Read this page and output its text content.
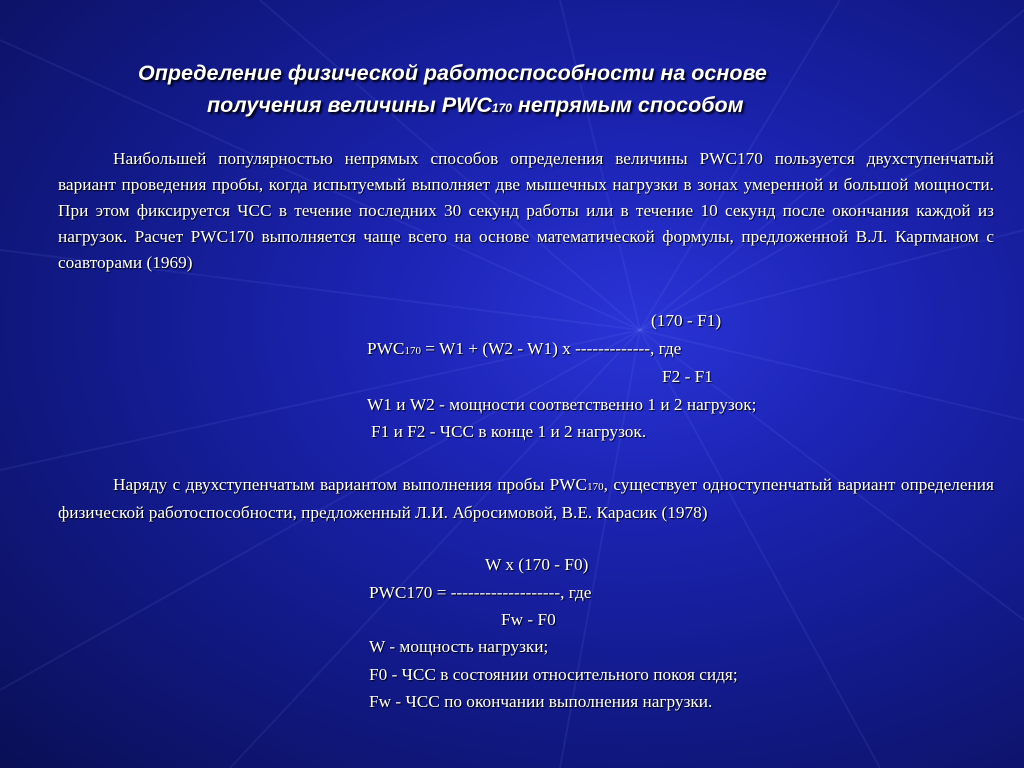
Определение физической работоспособности на основе
получения величины PWC170 непрямым способом
Наибольшей популярностью непрямых способов определения величины PWC170 пользуется двухступенчатый вариант проведения пробы, когда испытуемый выполняет две мышечных нагрузки в зонах умеренной и большой мощности. При этом фиксируется ЧСС в течение последних 30 секунд работы или в течение 10 секунд после окончания каждой из нагрузок. Расчет PWC170 выполняется чаще всего на основе математической формулы, предложенной В.Л. Карпманом с соавторами (1969)
(170 - F1)
PWC170 = W1 + (W2 - W1) x -------------, где
F2 - F1
W1 и W2 - мощности соответственно 1 и 2 нагрузок;
F1 и F2 - ЧСС в конце 1 и 2 нагрузок.
Наряду с двухступенчатым вариантом выполнения пробы PWC170, существует одноступенчатый вариант определения физической работоспособности, предложенный Л.И. Абросимовой, В.Е. Карасик (1978)
W x (170 - F0)
PWC170 = -------------------, где
Fw - F0
W - мощность нагрузки;
F0 - ЧСС в состоянии относительного покоя сидя;
Fw - ЧСС по окончании выполнения нагрузки.
